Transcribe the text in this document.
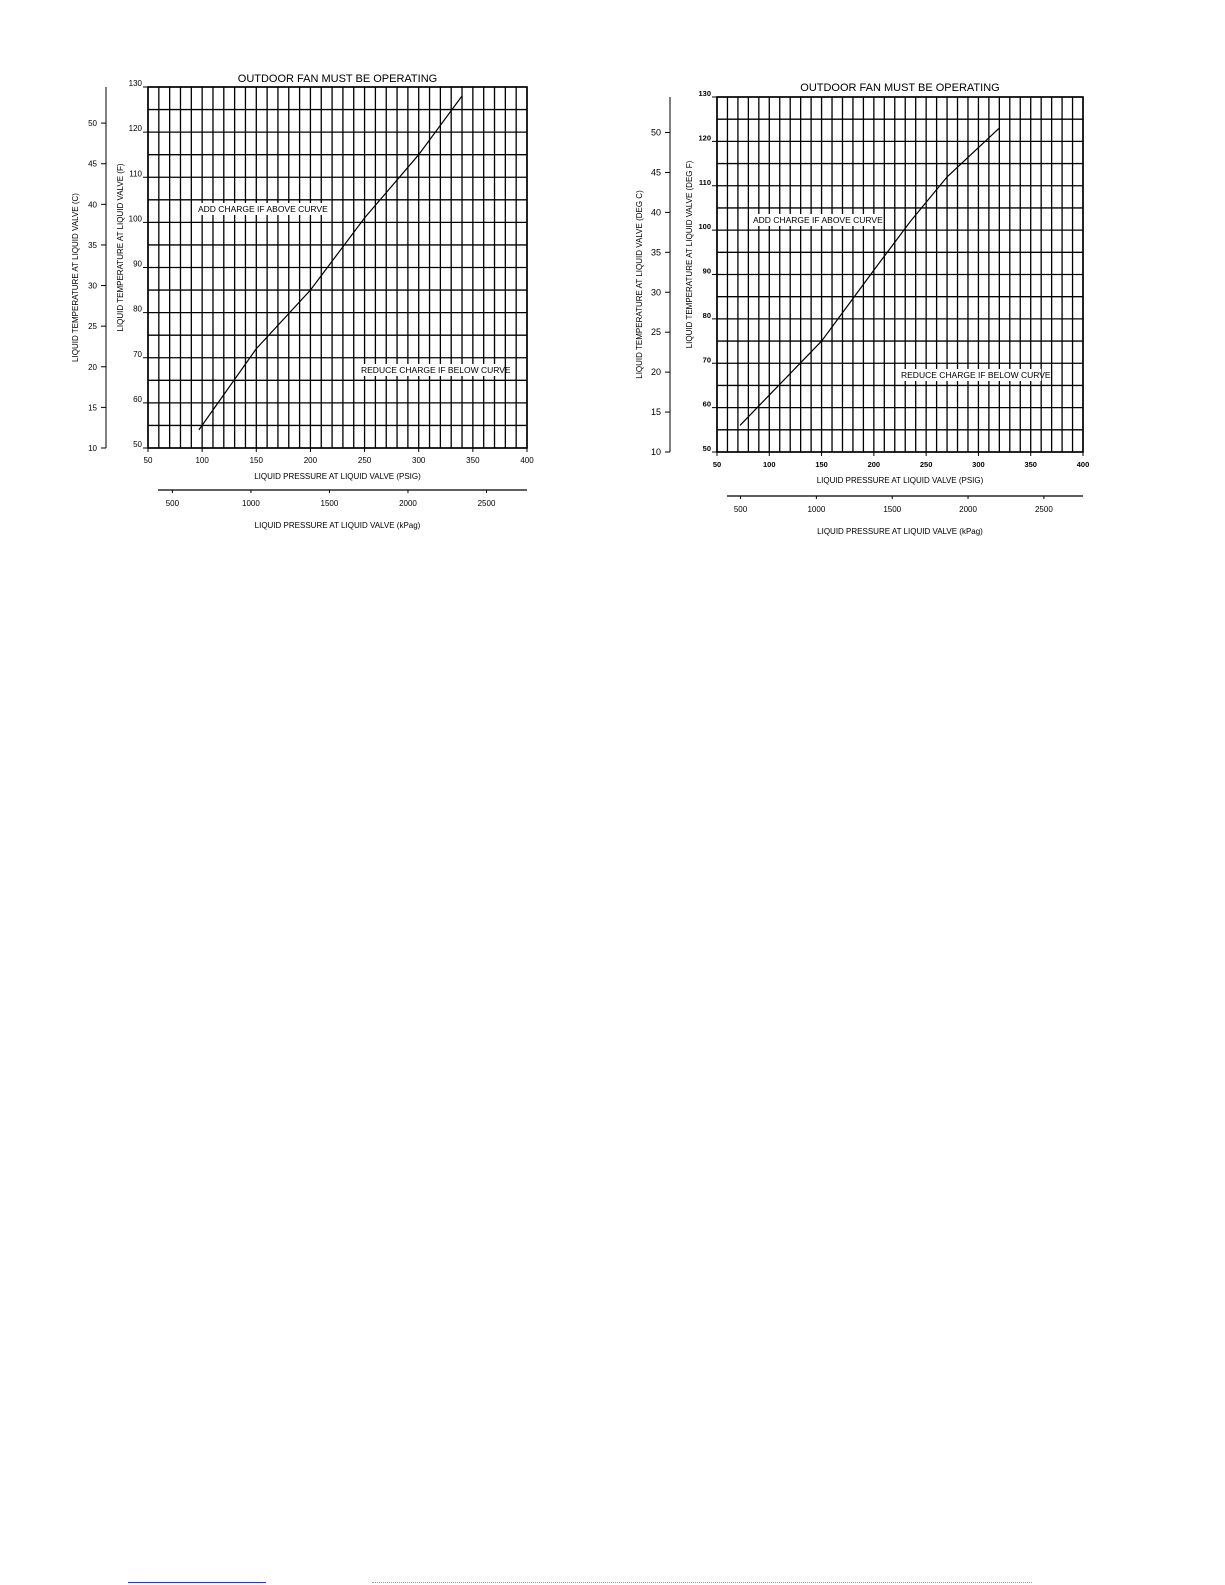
OUTDOOR FAN MUST BE OPERATING
50	100	150	200	250	300	350	400
LIQUID PRESSURE AT LIQUID VALVE (PSIG)
50
60
70
80
90
100
110
120
130
LIQUID TEMPERATURE AT LIQUID VALVE (F)
10
15
20
25
30
35
40
45
50
LIQUID TEMPERATURE AT LIQUID VALVE (C)
500	1000	1500	2000	2500
LIQUID PRESSURE AT LIQUID VALVE (kPag)
ADD CHARGE IF ABOVE CURVE
REDUCE CHARGE IF BELOW CURVE
OUTDOOR FAN MUST BE OPERATING
50	100	150	200	250	300	350	400
LIQUID PRESSURE AT LIQUID VALVE (PSIG)
50
60
70
80
90
100
110
120
130
LIQUID TEMPERATURE AT LIQUID VALVE (DEG F)
10
15
20
25
30
35
40
45
50
LIQUID TEMPERATURE AT LIQUID VALVE (DEG C)
500	1000	1500	2000	2500
LIQUID PRESSURE AT LIQUID VALVE (kPag)
ADD CHARGE IF ABOVE CURVE
REDUCE CHARGE IF BELOW CURVE
